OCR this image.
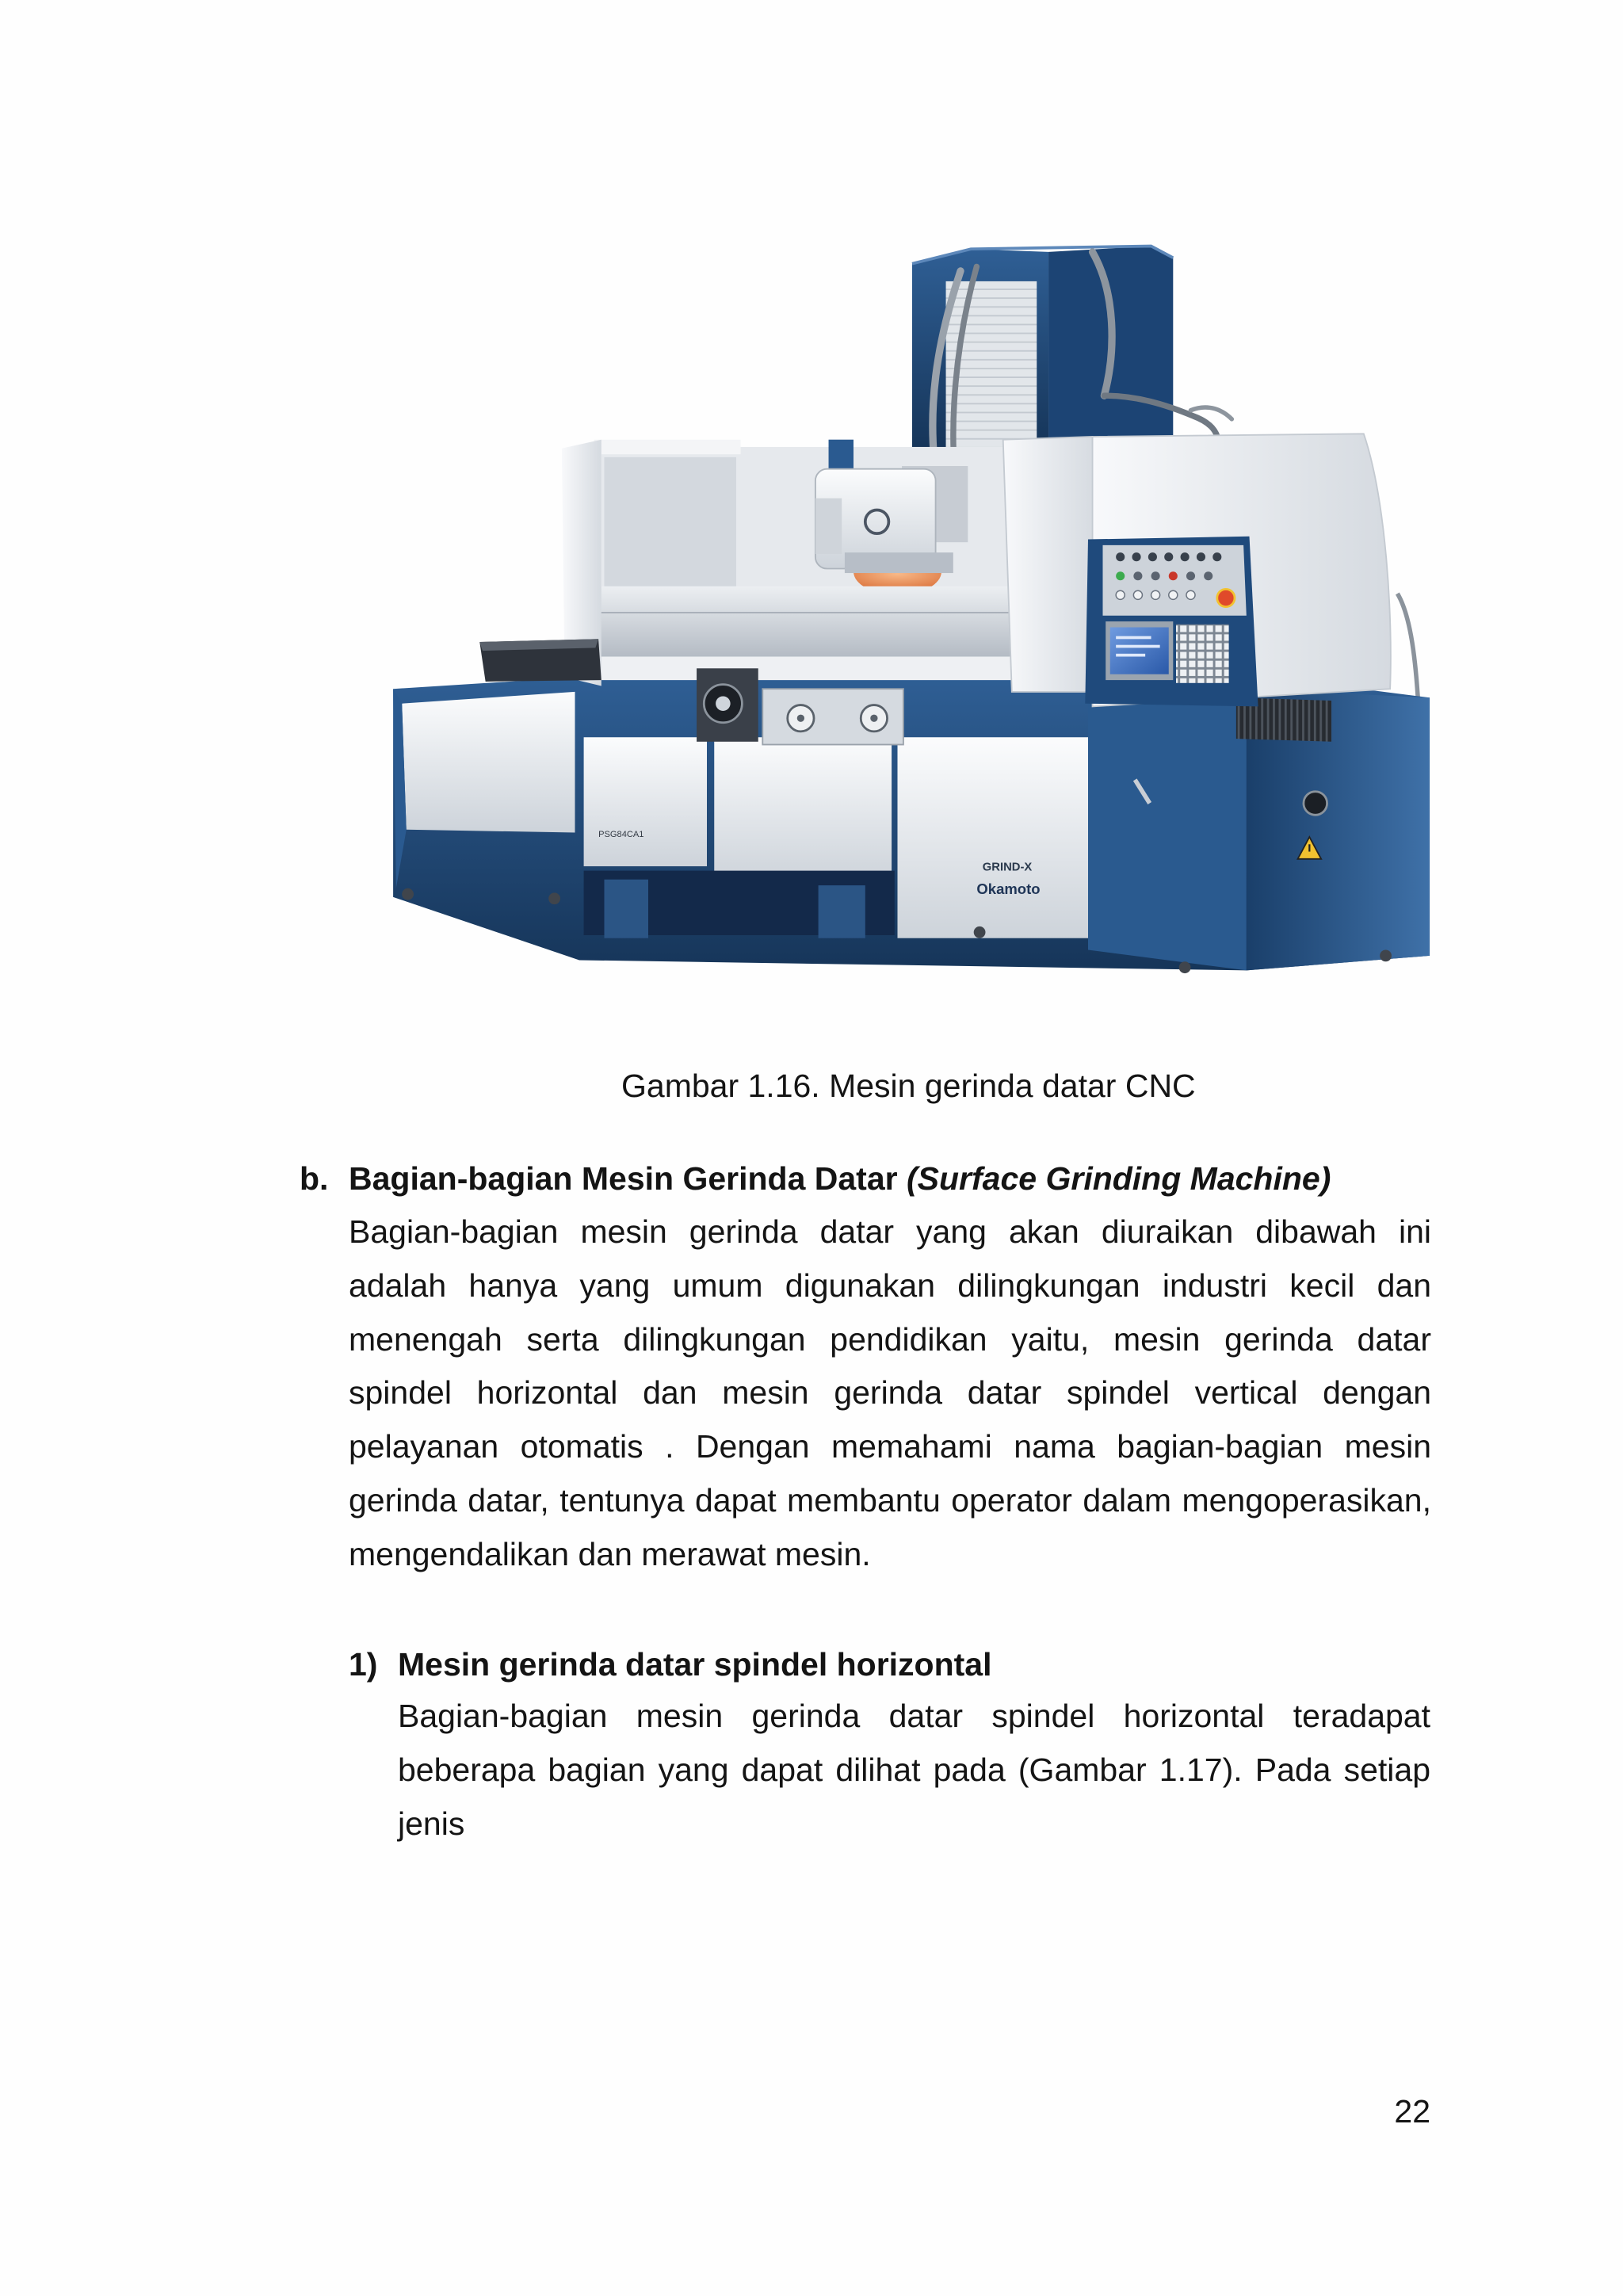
PSG84CA1
GRIND-X
Okamoto
Gambar 1.16. Mesin gerinda datar CNC
b. Bagian-bagian Mesin Gerinda Datar (Surface Grinding Machine)
Bagian-bagian mesin gerinda datar yang akan diuraikan dibawah ini
adalah hanya yang umum digunakan dilingkungan industri kecil dan
menengah serta dilingkungan pendidikan yaitu, mesin gerinda datar
spindel horizontal dan mesin gerinda datar spindel vertical dengan
pelayanan otomatis . Dengan memahami nama bagian-bagian mesin
gerinda datar, tentunya dapat membantu operator dalam mengoperasikan,
mengendalikan dan merawat mesin.
1) Mesin gerinda datar spindel horizontal
Bagian-bagian mesin gerinda datar spindel horizontal teradapat
beberapa bagian yang dapat dilihat pada (Gambar 1.17). Pada setiap
jenis
22
